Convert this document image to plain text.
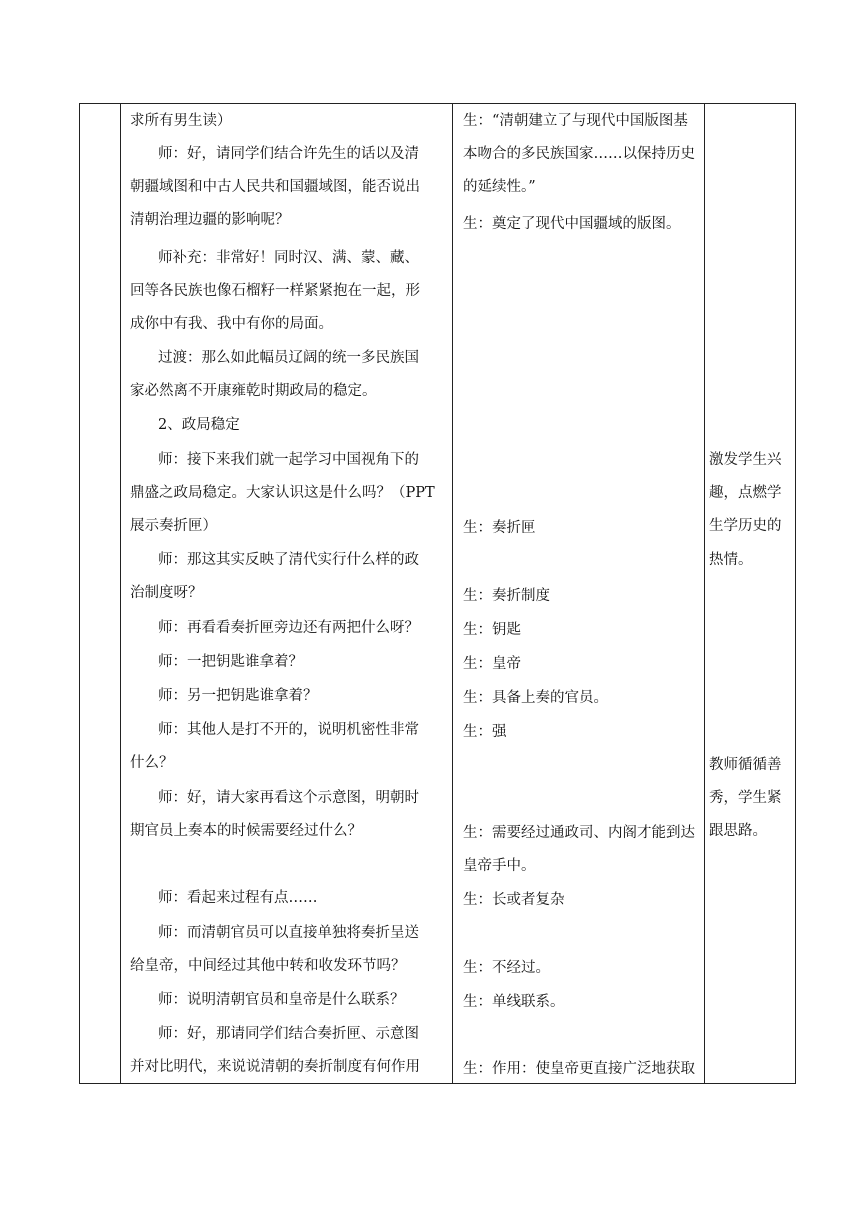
求所有男生读）
师：好，请同学们结合许先生的话以及清
朝疆域图和中古人民共和国疆域图，能否说出
清朝治理边疆的影响呢？
师补充：非常好！同时汉、满、蒙、藏、
回等各民族也像石榴籽一样紧紧抱在一起，形
成你中有我、我中有你的局面。
过渡：那么如此幅员辽阔的统一多民族国
家必然离不开康雍乾时期政局的稳定。
2、政局稳定
师：接下来我们就一起学习中国视角下的
鼎盛之政局稳定。大家认识这是什么吗？（PPT
展示奏折匣）
师：那这其实反映了清代实行什么样的政
治制度呀？
师：再看看奏折匣旁边还有两把什么呀？
师：一把钥匙谁拿着？
师：另一把钥匙谁拿着？
师：其他人是打不开的，说明机密性非常
什么？
师：好，请大家再看这个示意图，明朝时
期官员上奏本的时候需要经过什么？
师：看起来过程有点……
师：而清朝官员可以直接单独将奏折呈送
给皇帝，中间经过其他中转和收发环节吗？
师：说明清朝官员和皇帝是什么联系？
师：好，那请同学们结合奏折匣、示意图
并对比明代，来说说清朝的奏折制度有何作用
生：“清朝建立了与现代中国版图基
本吻合的多民族国家……以保持历史
的延续性。”
生：奠定了现代中国疆域的版图。
生：奏折匣
生：奏折制度
生：钥匙
生：皇帝
生：具备上奏的官员。
生：强
生：需要经过通政司、内阁才能到达
皇帝手中。
生：长或者复杂
生：不经过。
生：单线联系。
生：作用：使皇帝更直接广泛地获取
激发学生兴
趣，点燃学
生学历史的
热情。
教师循循善
秀，学生紧
跟思路。
